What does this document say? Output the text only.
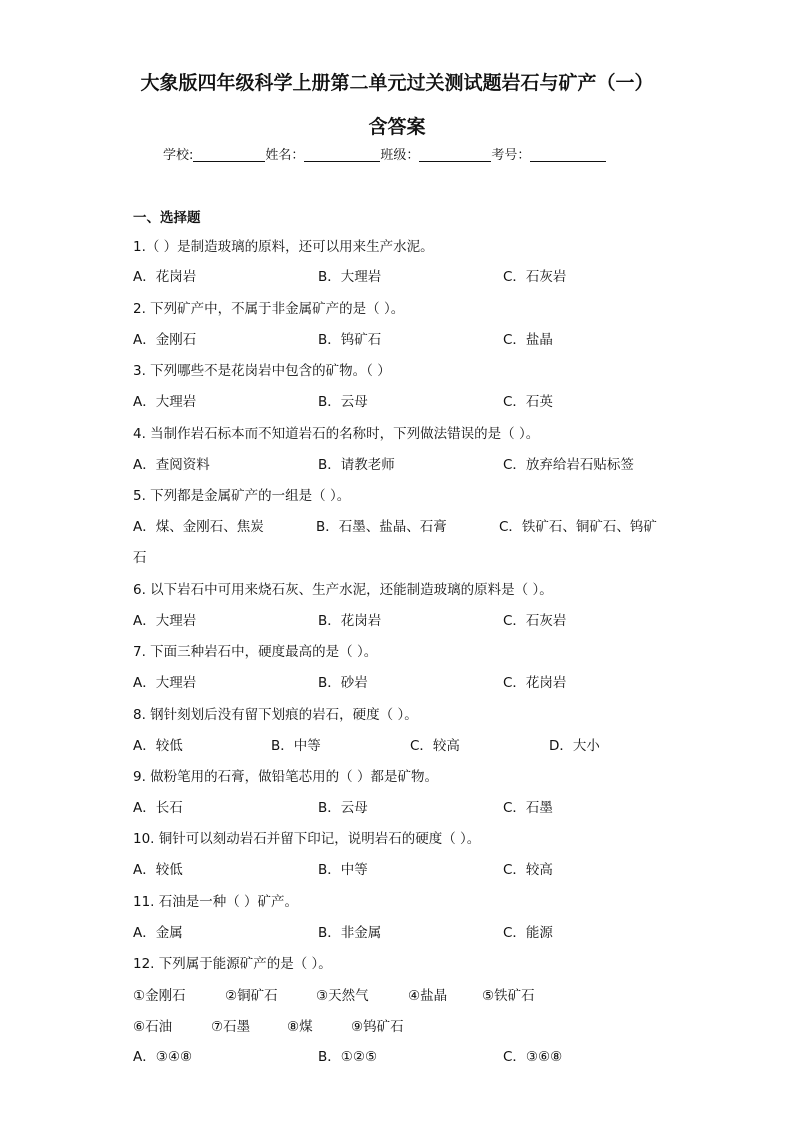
大象版四年级科学上册第二单元过关测试题岩石与矿产（一）
含答案
学校:	姓名：	班级：	考号：
一、选择题
1.（ ）是制造玻璃的原料，还可以用来生产水泥。
A．花岗岩	B．大理岩	C．石灰岩
2. 下列矿产中，不属于非金属矿产的是（ ）。
A．金刚石	B．钨矿石	C．盐晶
3. 下列哪些不是花岗岩中包含的矿物。（ ）
A．大理岩	B．云母	C．石英
4. 当制作岩石标本而不知道岩石的名称时，下列做法错误的是（ ）。
A．查阅资料	B．请教老师	C．放弃给岩石贴标签
5. 下列都是金属矿产的一组是（ ）。
A．煤、金刚石、焦炭	B．石墨、盐晶、石膏	C．铁矿石、铜矿石、钨矿
石
6. 以下岩石中可用来烧石灰、生产水泥，还能制造玻璃的原料是（ ）。
A．大理岩	B．花岗岩	C．石灰岩
7. 下面三种岩石中，硬度最高的是（ ）。
A．大理岩	B．砂岩	C．花岗岩
8. 钢针刻划后没有留下划痕的岩石，硬度（ ）。
A．较低	B．中等	C．较高	D．大小
9. 做粉笔用的石膏，做铅笔芯用的（ ）都是矿物。
A．长石	B．云母	C．石墨
10. 铜针可以刻动岩石并留下印记，说明岩石的硬度（ ）。
A．较低	B．中等	C．较高
11. 石油是一种（ ）矿产。
A．金属	B．非金属	C．能源
12. 下列属于能源矿产的是（ ）。
①金刚石	②铜矿石	③天然气	④盐晶	⑤铁矿石
⑥石油	⑦石墨	⑧煤	⑨钨矿石
A．③④⑧	B．①②⑤	C．③⑥⑧
